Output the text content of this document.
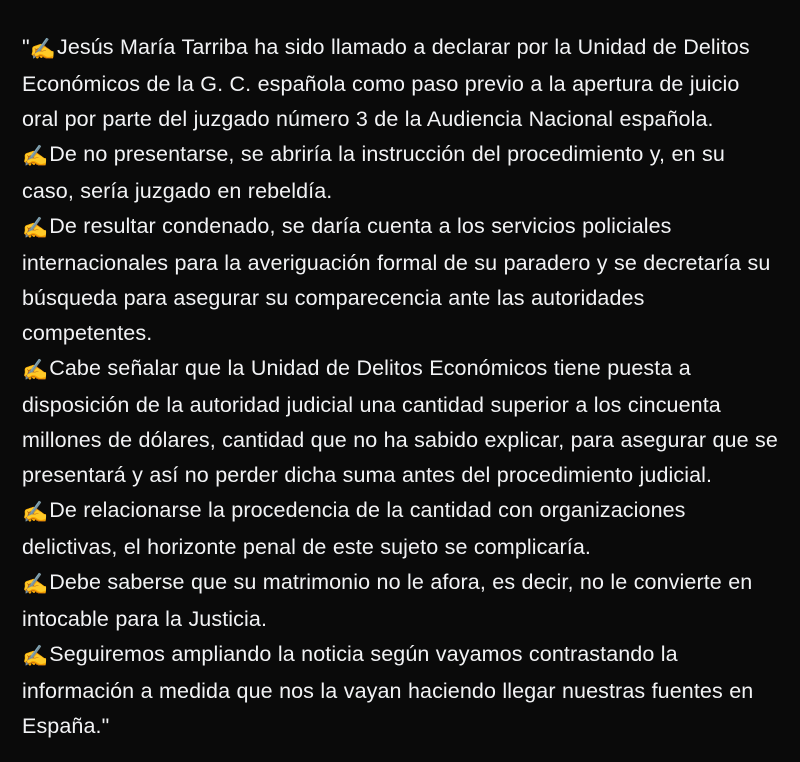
"✍️Jesús María Tarriba ha sido llamado a declarar por la Unidad de Delitos Económicos de la G. C. española como paso previo a la apertura de juicio oral por parte del juzgado número 3 de la Audiencia Nacional española.
✍️De no presentarse, se abriría la instrucción del procedimiento y, en su caso, sería juzgado en rebeldía.
✍️De resultar condenado, se daría cuenta a los servicios policiales internacionales para la averiguación formal de su paradero y se decretaría su búsqueda para asegurar su comparecencia ante las autoridades competentes.
✍️Cabe señalar que la Unidad de Delitos Económicos tiene puesta a disposición de la autoridad judicial una cantidad superior a los cincuenta millones de dólares, cantidad que no ha sabido explicar, para asegurar que se presentará y así no perder dicha suma antes del procedimiento judicial.
✍️De relacionarse la procedencia de la cantidad con organizaciones delictivas, el horizonte penal de este sujeto se complicaría.
✍️Debe saberse que su matrimonio no le afora, es decir, no le convierte en intocable para la Justicia.
✍️Seguiremos ampliando la noticia según vayamos contrastando la información a medida que nos la vayan haciendo llegar nuestras fuentes en España."
